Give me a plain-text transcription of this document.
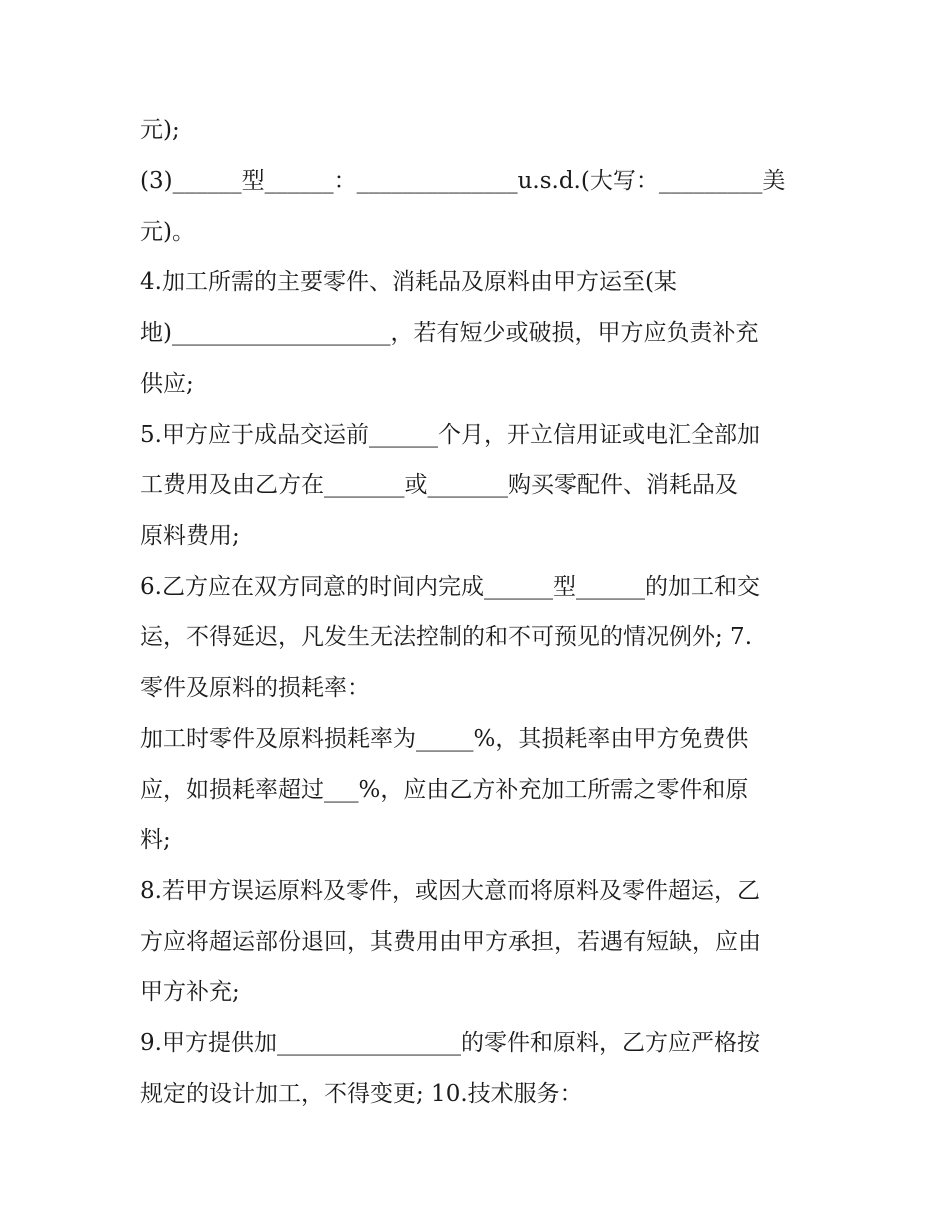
元);

(3)______型______：______________u.s.d.(大写：_________美

元)。

4.加工所需的主要零件、消耗品及原料由甲方运至(某

地)___________________，若有短少或破损，甲方应负责补充

供应;

5.甲方应于成品交运前______个月，开立信用证或电汇全部加

工费用及由乙方在_______或_______购买零配件、消耗品及

原料费用;

6.乙方应在双方同意的时间内完成______型______的加工和交

运，不得延迟，凡发生无法控制的和不可预见的情况例外; 7.

零件及原料的损耗率：

加工时零件及原料损耗率为_____%，其损耗率由甲方免费供

应，如损耗率超过___%，应由乙方补充加工所需之零件和原

料;

8.若甲方误运原料及零件，或因大意而将原料及零件超运，乙

方应将超运部份退回，其费用由甲方承担，若遇有短缺，应由

甲方补充;

9.甲方提供加________________的零件和原料，乙方应严格按

规定的设计加工，不得变更; 10.技术服务：
